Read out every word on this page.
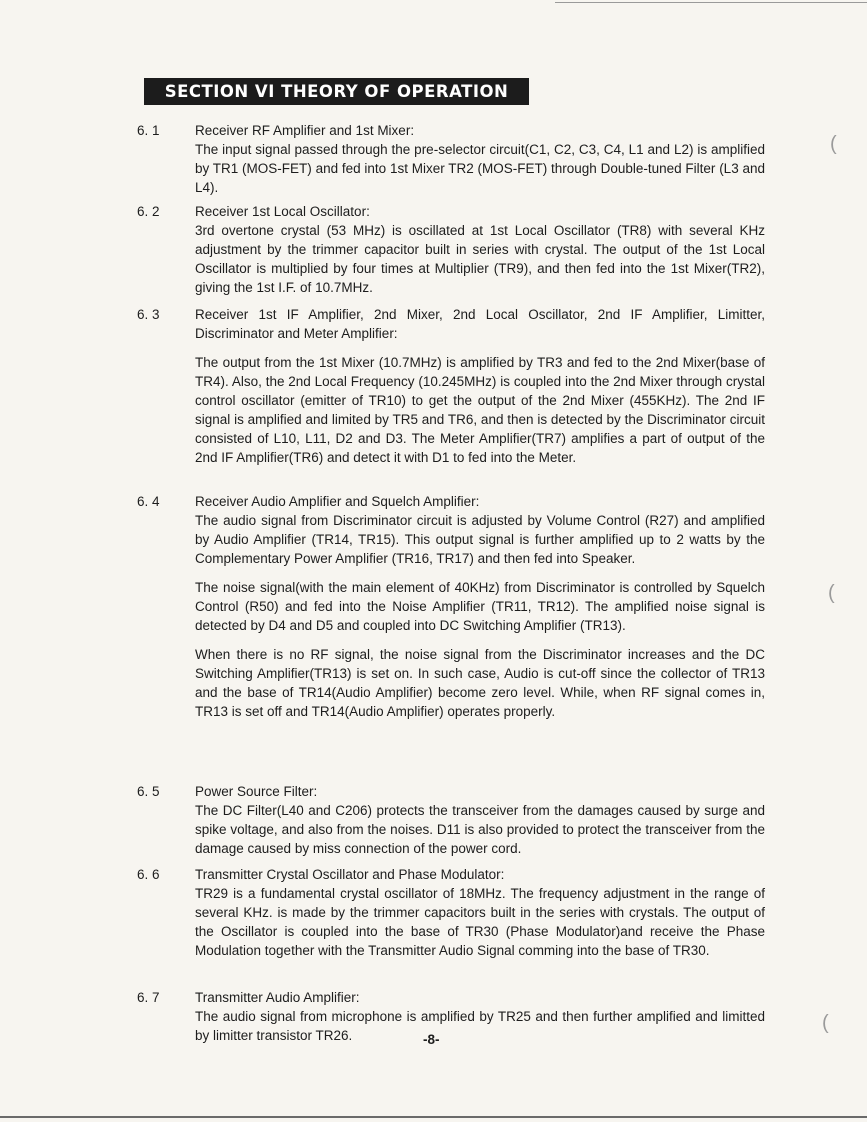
SECTION VI THEORY OF OPERATION
6. 1	Receiver RF Amplifier and 1st Mixer:

The input signal passed through the pre-selector circuit(C1, C2, C3, C4, L1 and L2) is amplified by TR1 (MOS-FET) and fed into 1st Mixer TR2 (MOS-FET) through Double-tuned Filter (L3 and L4).

6. 2	Receiver 1st Local Oscillator:

3rd overtone crystal (53 MHz) is oscillated at 1st Local Oscillator (TR8) with several KHz adjustment by the trimmer capacitor built in series with crystal. The output of the 1st Local Oscillator is multiplied by four times at Multiplier (TR9), and then fed into the 1st Mixer(TR2), giving the 1st I.F. of 10.7MHz.

6. 3	Receiver 1st IF Amplifier, 2nd Mixer, 2nd Local Oscillator, 2nd IF Amplifier, Limitter, Discriminator and Meter Amplifier:

The output from the 1st Mixer (10.7MHz) is amplified by TR3 and fed to the 2nd Mixer(base of TR4). Also, the 2nd Local Frequency (10.245MHz) is coupled into the 2nd Mixer through crystal control oscillator (emitter of TR10) to get the output of the 2nd Mixer (455KHz). The 2nd IF signal is amplified and limited by TR5 and TR6, and then is detected by the Discriminator circuit consisted of L10, L11, D2 and D3. The Meter Amplifier(TR7) amplifies a part of output of the 2nd IF Amplifier(TR6) and detect it with D1 to fed into the Meter.

6. 4	Receiver Audio Amplifier and Squelch Amplifier:

The audio signal from Discriminator circuit is adjusted by Volume Control (R27) and amplified by Audio Amplifier (TR14, TR15). This output signal is further amplified up to 2 watts by the Complementary Power Amplifier (TR16, TR17) and then fed into Speaker.

The noise signal(with the main element of 40KHz) from Discriminator is controlled by Squelch Control (R50) and fed into the Noise Amplifier (TR11, TR12). The amplified noise signal is detected by D4 and D5 and coupled into DC Switching Amplifier (TR13).

When there is no RF signal, the noise signal from the Discriminator increases and the DC Switching Amplifier(TR13) is set on. In such case, Audio is cut-off since the collector of TR13 and the base of TR14(Audio Amplifier) become zero level. While, when RF signal comes in, TR13 is set off and TR14(Audio Amplifier) operates properly.

6. 5	Power Source Filter:

The DC Filter(L40 and C206) protects the transceiver from the damages caused by surge and spike voltage, and also from the noises. D11 is also provided to protect the transceiver from the damage caused by miss connection of the power cord.

6. 6	Transmitter Crystal Oscillator and Phase Modulator:

TR29 is a fundamental crystal oscillator of 18MHz. The frequency adjustment in the range of several KHz. is made by the trimmer capacitors built in the series with crystals. The output of the Oscillator is coupled into the base of TR30 (Phase Modulator)and receive the Phase Modulation together with the Transmitter Audio Signal comming into the base of TR30.

6. 7	Transmitter Audio Amplifier:

The audio signal from microphone is amplified by TR25 and then further amplified and limitted by limitter transistor TR26.	-8-
(
(
(
